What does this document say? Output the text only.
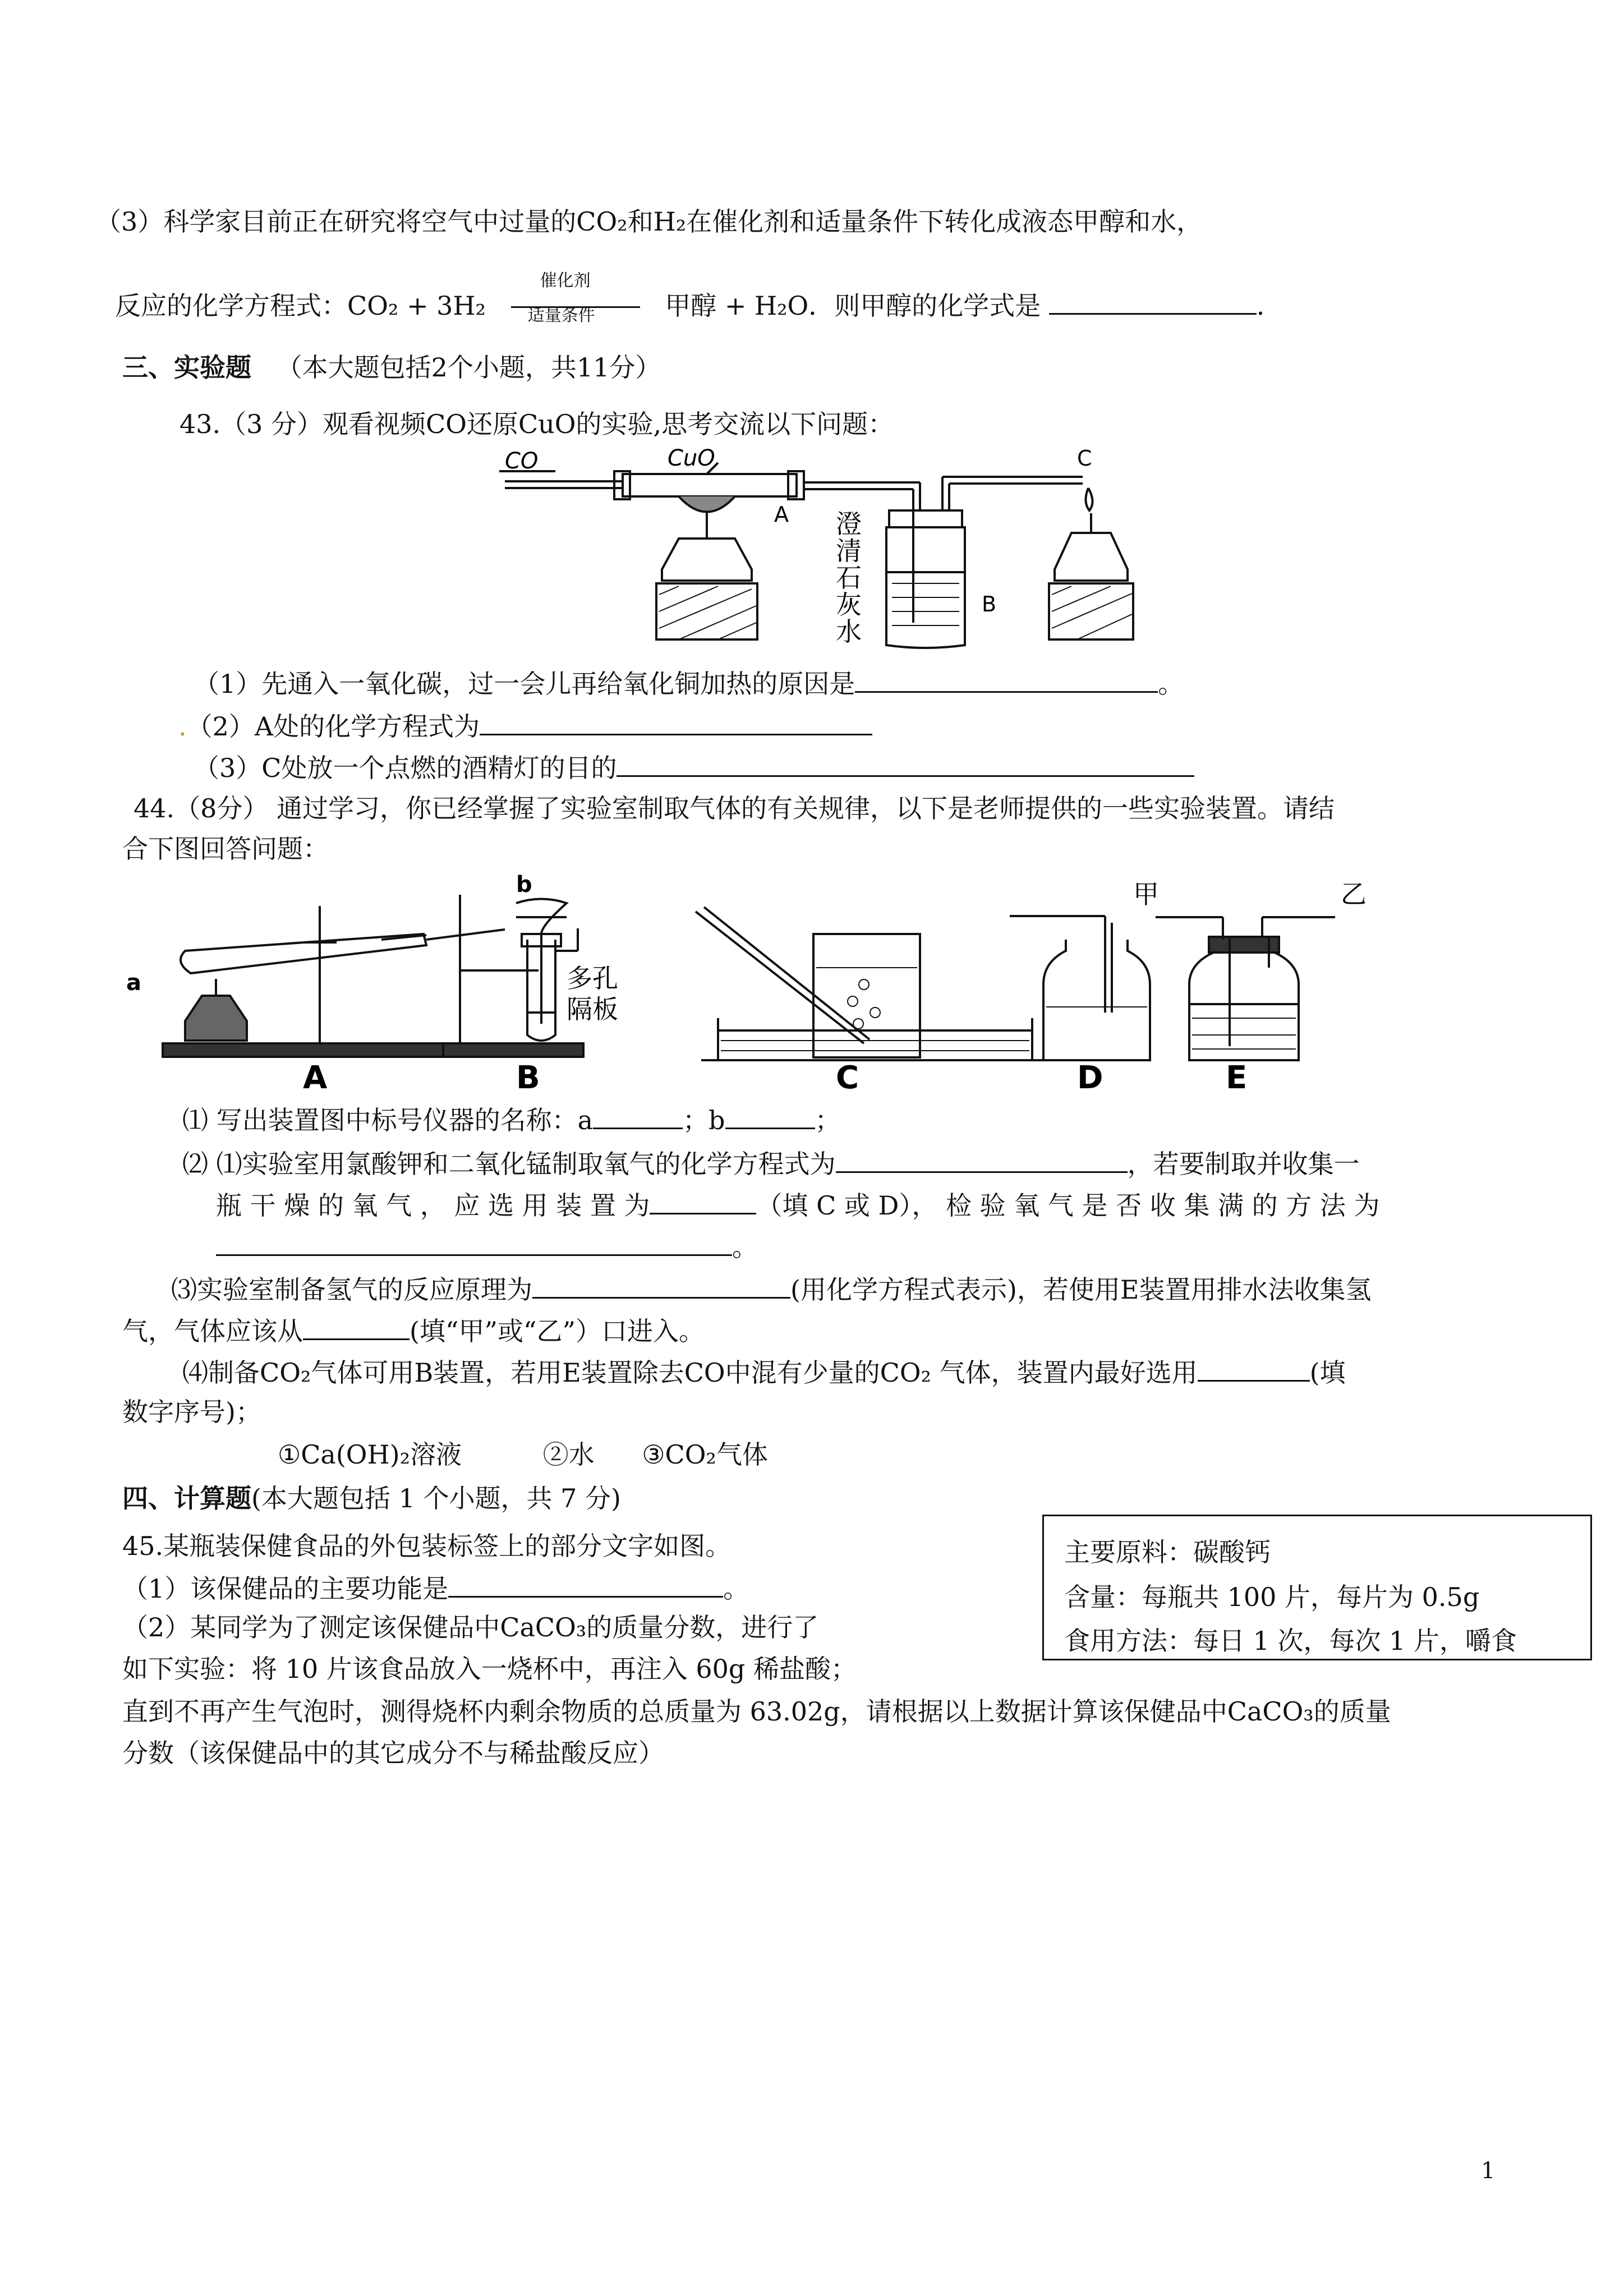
（3）科学家目前正在研究将空气中过量的CO₂和H₂在催化剂和适量条件下转化成液态甲醇和水，
反应的化学方程式：CO₂ + 3H₂
催化剂
适量条件	甲醇 + H₂O．则甲醇的化学式是	．
三、实验题 （本大题包括2个小题，共11分）
43.（3 分）观看视频CO还原CuO的实验,思考交流以下问题：
CO	CuO
A
B
C
澄
清
石
灰
水
（1）先通入一氧化碳，过一会儿再给氧化铜加热的原因是	。
.（2）A处的化学方程式为
（3）C处放一个点燃的酒精灯的目的
44.（8分） 通过学习，你已经掌握了实验室制取气体的有关规律，以下是老师提供的一些实验装置。请结
合下图回答问题：
a
b
多孔
隔板
甲	乙
A	B	C	D	E
⑴ 写出装置图中标号仪器的名称：a	；b	；
⑵ ⑴实验室用氯酸钾和二氧化锰制取氧气的化学方程式为	，若要制取并收集一
瓶 干 燥 的 氧 气 ， 应 选 用 装 置 为	（填 C 或 D）， 检 验 氧 气 是 否 收 集 满 的 方 法 为
。
⑶实验室制备氢气的反应原理为	(用化学方程式表示)，若使用E装置用排水法收集氢
气，气体应该从	(填“甲”或“乙”）口进入。
⑷制备CO₂气体可用B装置，若用E装置除去CO中混有少量的CO₂ 气体，装置内最好选用	(填
数字序号)；
①Ca(OH)₂溶液	②水 ③CO₂气体
四、计算题(本大题包括 1 个小题，共 7 分)
45.某瓶装保健食品的外包装标签上的部分文字如图。
（1）该保健品的主要功能是	。
（2）某同学为了测定该保健品中CaCO₃的质量分数，进行了
如下实验：将 10 片该食品放入一烧杯中，再注入 60g 稀盐酸；
直到不再产生气泡时，测得烧杯内剩余物质的总质量为 63.02g，请根据以上数据计算该保健品中CaCO₃的质量
分数（该保健品中的其它成分不与稀盐酸反应）
主要原料：碳酸钙
含量：每瓶共 100 片，每片为 0.5g
食用方法：每日 1 次，每次 1 片，嚼食
1
